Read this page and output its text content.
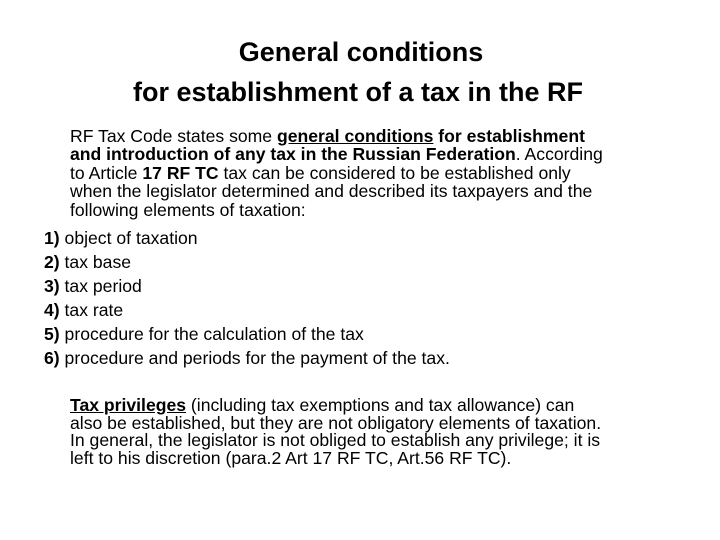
General conditions
for establishment of a tax in the RF
RF Tax Code states some general conditions for establishment
and introduction of any tax in the Russian Federation. According
to Article 17 RF TC tax can be considered to be established only
when the legislator determined and described its taxpayers and the
following elements of taxation:
1) object of taxation
2) tax base
3) tax period
4) tax rate
5) procedure for the calculation of the tax
6) procedure and periods for the payment of the tax.
Tax privileges (including tax exemptions and tax allowance) can
also be established, but they are not obligatory elements of taxation.
In general, the legislator is not obliged to establish any privilege; it is
left to his discretion (para.2 Art 17 RF TC, Art.56 RF TC).
